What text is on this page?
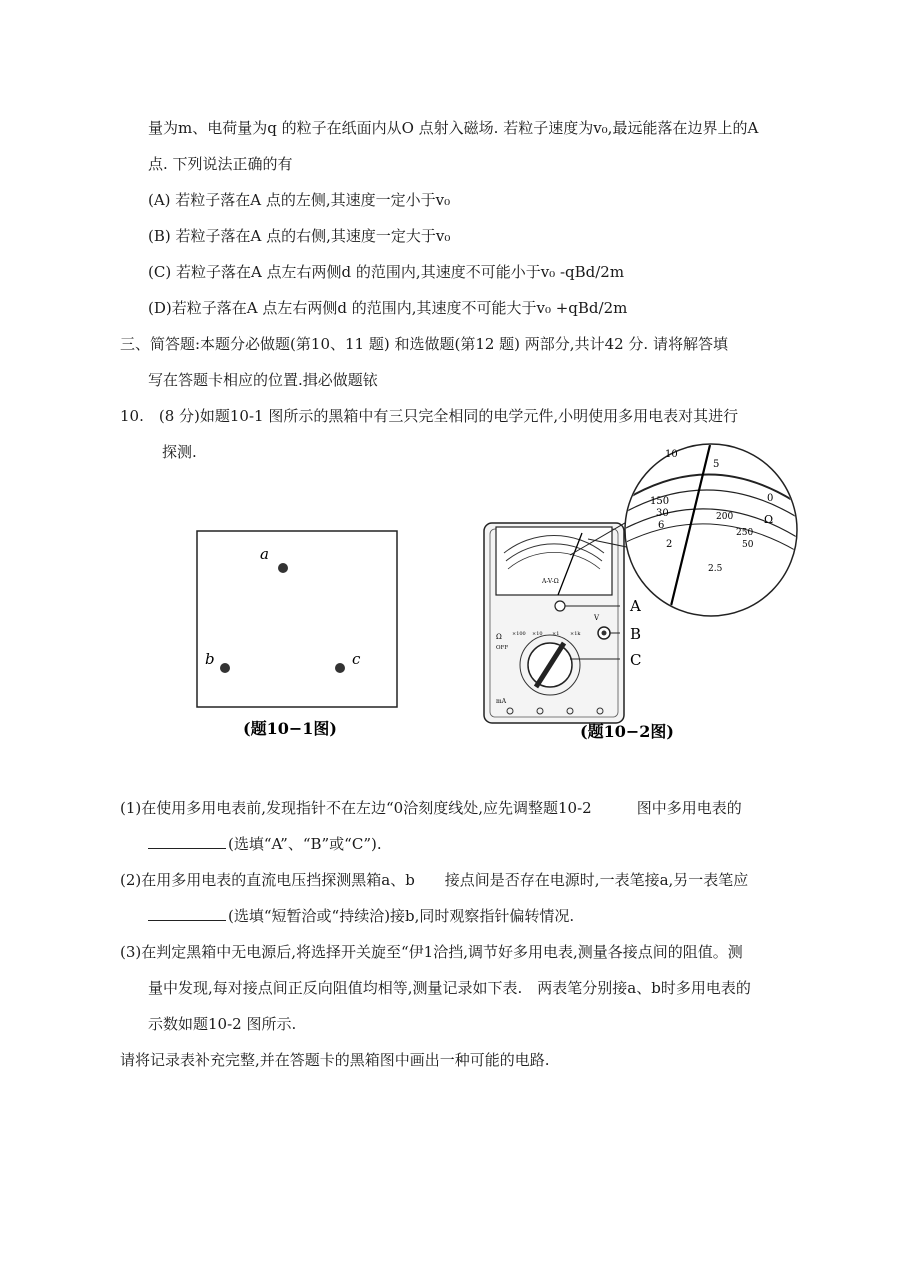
量为m、电荷量为q 的粒子在纸面内从O 点射入磁场. 若粒子速度为v₀,最远能落在边界上的A
点. 下列说法正确的有
(A) 若粒子落在A 点的左侧,其速度一定小于v₀
(B) 若粒子落在A 点的右侧,其速度一定大于v₀
(C) 若粒子落在A 点左右两侧d 的范围内,其速度不可能小于v₀ -qBd/2m
(D)若粒子落在A 点左右两侧d 的范围内,其速度不可能大于v₀ +qBd/2m
三、简答题:本题分必做题(第10、11 题) 和选做题(第12 题) 两部分,共计42 分. 请将解答填
写在答题卡相应的位置.揖必做题铱
10.　(8 分)如题10-1 图所示的黑箱中有三只完全相同的电学元件,小明使用多用电表对其进行
探测.
a
b	c
(题10−1图)
A-V-Ω
A
B
C
OFF
Ω
V
mA
×100 ×10 ×1 ×1k
10
5
0
Ω
150
30
6
2
200
250
50
2.5
(题10−2图)
(1)在使用多用电表前,发现指针不在左边“0洽刻度线处,应先调整题10-2　　　图中多用电表的
(选填“A”、“B”或“C”).
(2)在用多用电表的直流电压挡探测黑箱a、b　　接点间是否存在电源时,一表笔接a,另一表笔应
(选填“短暂洽或“持续洽)接b,同时观察指针偏转情况.
(3)在判定黑箱中无电源后,将选择开关旋至“伊1洽挡,调节好多用电表,测量各接点间的阻值。测
量中发现,每对接点间正反向阻值均相等,测量记录如下表.　两表笔分别接a、b时多用电表的
示数如题10-2 图所示.
请将记录表补充完整,并在答题卡的黑箱图中画出一种可能的电路.
